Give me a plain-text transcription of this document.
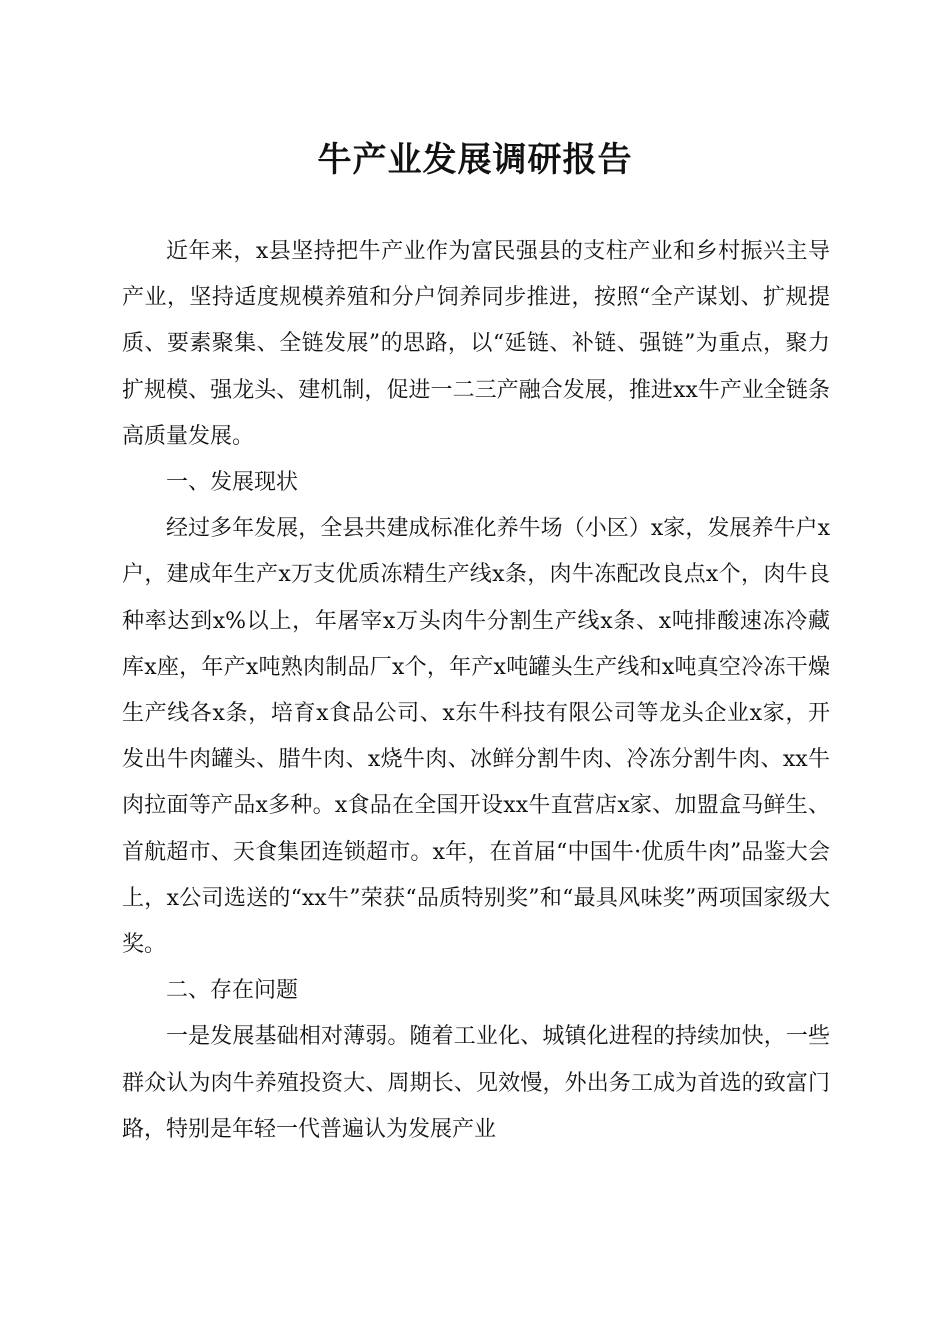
牛产业发展调研报告

近年来，x县坚持把牛产业作为富民强县的支柱产业和乡村振兴主导产业，坚持适度规模养殖和分户饲养同步推进，按照“全产谋划、扩规提质、要素聚集、全链发展”的思路，以“延链、补链、强链”为重点，聚力扩规模、强龙头、建机制，促进一二三产融合发展，推进xx牛产业全链条高质量发展。

一、发展现状

经过多年发展，全县共建成标准化养牛场（小区）x家，发展养牛户x户，建成年生产x万支优质冻精生产线x条，肉牛冻配改良点x个，肉牛良种率达到x%以上，年屠宰x万头肉牛分割生产线x条、x吨排酸速冻冷藏库x座，年产x吨熟肉制品厂x个，年产x吨罐头生产线和x吨真空冷冻干燥生产线各x条，培育x食品公司、x东牛科技有限公司等龙头企业x家，开发出牛肉罐头、腊牛肉、x烧牛肉、冰鲜分割牛肉、冷冻分割牛肉、xx牛肉拉面等产品x多种。x食品在全国开设xx牛直营店x家、加盟盒马鲜生、首航超市、天食集团连锁超市。x年，在首届“中国牛·优质牛肉”品鉴大会上，x公司选送的“xx牛”荣获“品质特别奖”和“最具风味奖”两项国家级大奖。

二、存在问题

一是发展基础相对薄弱。随着工业化、城镇化进程的持续加快，一些群众认为肉牛养殖投资大、周期长、见效慢，外出务工成为首选的致富门路，特别是年轻一代普遍认为发展产业
